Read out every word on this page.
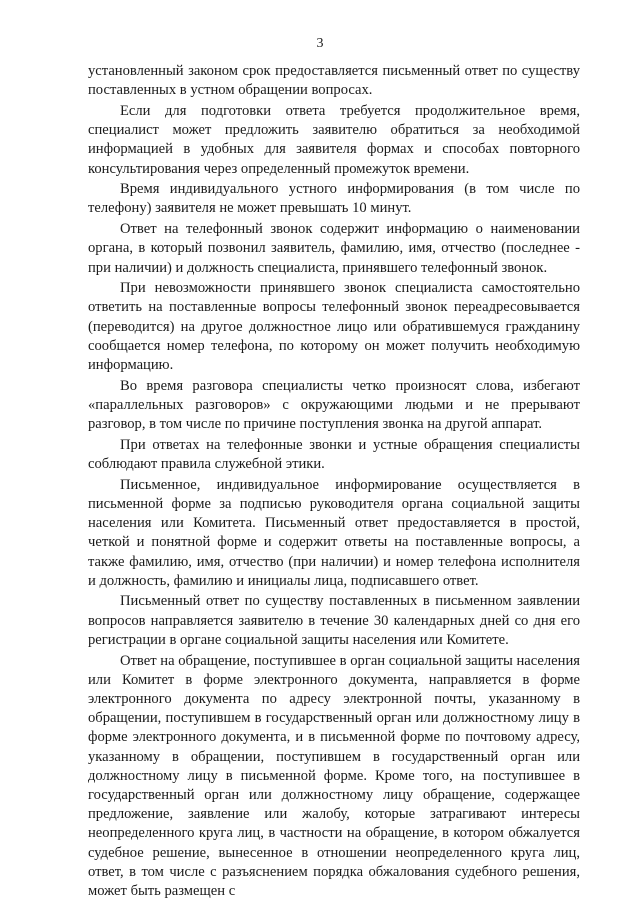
3

установленный законом срок предоставляется письменный ответ по существу поставленных в устном обращении вопросах.

Если для подготовки ответа требуется продолжительное время, специалист может предложить заявителю обратиться за необходимой информацией в удобных для заявителя формах и способах повторного консультирования через определенный промежуток времени.

Время индивидуального устного информирования (в том числе по телефону) заявителя не может превышать 10 минут.

Ответ на телефонный звонок содержит информацию о наименовании органа, в который позвонил заявитель, фамилию, имя, отчество (последнее - при наличии) и должность специалиста, принявшего телефонный звонок.

При невозможности принявшего звонок специалиста самостоятельно ответить на поставленные вопросы телефонный звонок переадресовывается (переводится) на другое должностное лицо или обратившемуся гражданину сообщается номер телефона, по которому он может получить необходимую информацию.

Во время разговора специалисты четко произносят слова, избегают «параллельных разговоров» с окружающими людьми и не прерывают разговор, в том числе по причине поступления звонка на другой аппарат.

При ответах на телефонные звонки и устные обращения специалисты соблюдают правила служебной этики.

Письменное, индивидуальное информирование осуществляется в письменной форме за подписью руководителя органа социальной защиты населения или Комитета. Письменный ответ предоставляется в простой, четкой и понятной форме и содержит ответы на поставленные вопросы, а также фамилию, имя, отчество (при наличии) и номер телефона исполнителя и должность, фамилию и инициалы лица, подписавшего ответ.

Письменный ответ по существу поставленных в письменном заявлении вопросов направляется заявителю в течение 30 календарных дней со дня его регистрации в органе социальной защиты населения или Комитете.

Ответ на обращение, поступившее в орган социальной защиты населения или Комитет в форме электронного документа, направляется в форме электронного документа по адресу электронной почты, указанному в обращении, поступившем в государственный орган или должностному лицу в форме электронного документа, и в письменной форме по почтовому адресу, указанному в обращении, поступившем в государственный орган или должностному лицу в письменной форме. Кроме того, на поступившее в государственный орган или должностному лицу обращение, содержащее предложение, заявление или жалобу, которые затрагивают интересы неопределенного круга лиц, в частности на обращение, в котором обжалуется судебное решение, вынесенное в отношении неопределенного круга лиц, ответ, в том числе с разъяснением порядка обжалования судебного решения, может быть размещен с
